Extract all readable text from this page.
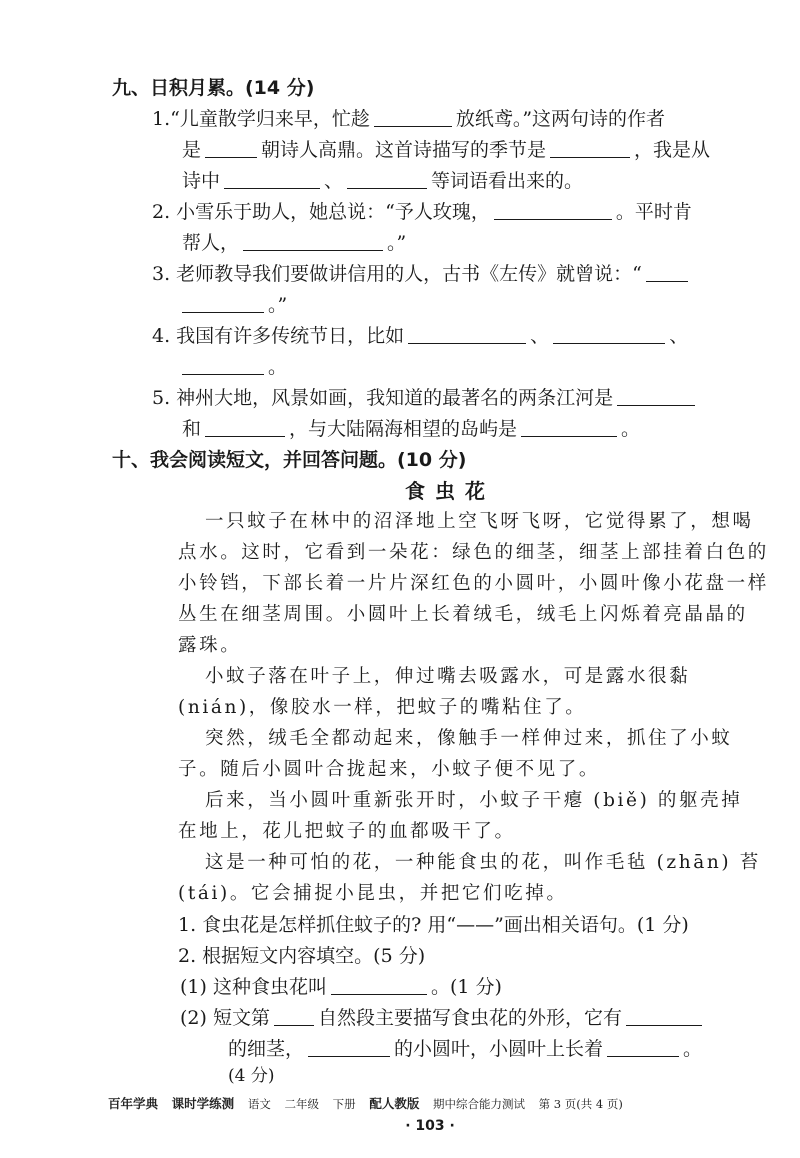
九、日积月累。(14 分)
1.“儿童散学归来早，忙趁	放纸鸢。”这两句诗的作者
是	朝诗人高鼎。这首诗描写的季节是	，我是从
诗中	、	等词语看出来的。
2. 小雪乐于助人，她总说：“予人玫瑰，	。平时肯
帮人，	。”
3. 老师教导我们要做讲信用的人，古书《左传》就曾说：“
。”
4. 我国有许多传统节日，比如	、	、
。
5. 神州大地，风景如画，我知道的最著名的两条江河是
和	，与大陆隔海相望的岛屿是	。
十、我会阅读短文，并回答问题。(10 分)
食虫花
一只蚊子在林中的沼泽地上空飞呀飞呀，它觉得累了，想喝
点水。这时，它看到一朵花：绿色的细茎，细茎上部挂着白色的
小铃铛，下部长着一片片深红色的小圆叶，小圆叶像小花盘一样
丛生在细茎周围。小圆叶上长着绒毛，绒毛上闪烁着亮晶晶的
露珠。
小蚊子落在叶子上，伸过嘴去吸露水，可是露水很黏
(nián)，像胶水一样，把蚊子的嘴粘住了。
突然，绒毛全都动起来，像触手一样伸过来，抓住了小蚊
子。随后小圆叶合拢起来，小蚊子便不见了。
后来，当小圆叶重新张开时，小蚊子干瘪 (biě) 的躯壳掉
在地上，花儿把蚊子的血都吸干了。
这是一种可怕的花，一种能食虫的花，叫作毛毡 (zhān) 苔
(tái)。它会捕捉小昆虫，并把它们吃掉。
1. 食虫花是怎样抓住蚊子的? 用“——”画出相关语句。(1 分)
2. 根据短文内容填空。(5 分)
(1) 这种食虫花叫	。(1 分)
(2) 短文第	自然段主要描写食虫花的外形，它有
的细茎，	的小圆叶，小圆叶上长着	。
(4 分)
百年学典 课时学练测 语文 二年级 下册 配人教版 期中综合能力测试 第 3 页(共 4 页)
· 103 ·
